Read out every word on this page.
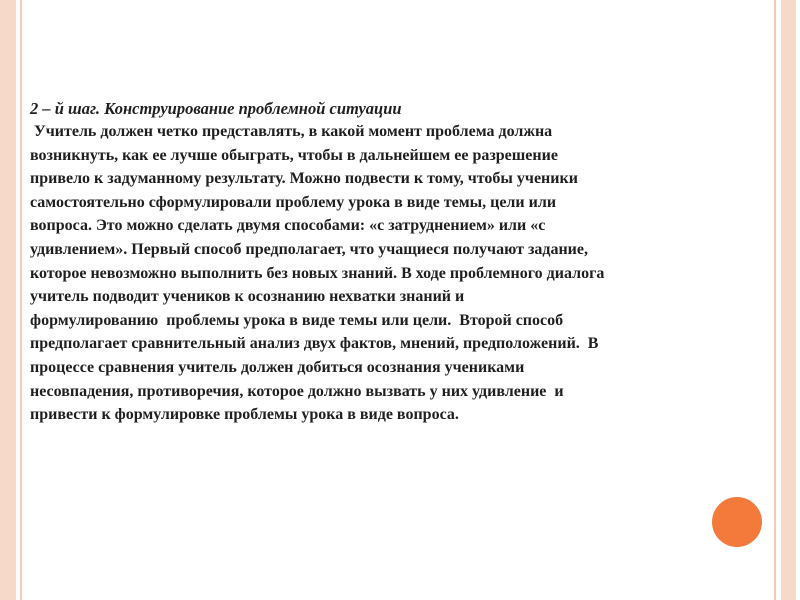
2 – й шаг. Конструирование проблемной ситуации

Учитель должен четко представлять, в какой момент проблема должна

возникнуть, как ее лучше обыграть, чтобы в дальнейшем ее разрешение

привело к задуманному результату. Можно подвести к тому, чтобы ученики

самостоятельно сформулировали проблему урока в виде темы, цели или

вопроса. Это можно сделать двумя способами: «с затруднением» или «с

удивлением». Первый способ предполагает, что учащиеся получают задание,

которое невозможно выполнить без новых знаний. В ходе проблемного диалога

учитель подводит учеников к осознанию нехватки знаний и

формулированию  проблемы урока в виде темы или цели.  Второй способ

предполагает сравнительный анализ двух фактов, мнений, предположений.  В

процессе сравнения учитель должен добиться осознания учениками

несовпадения, противоречия, которое должно вызвать у них удивление  и

привести к формулировке проблемы урока в виде вопроса.
